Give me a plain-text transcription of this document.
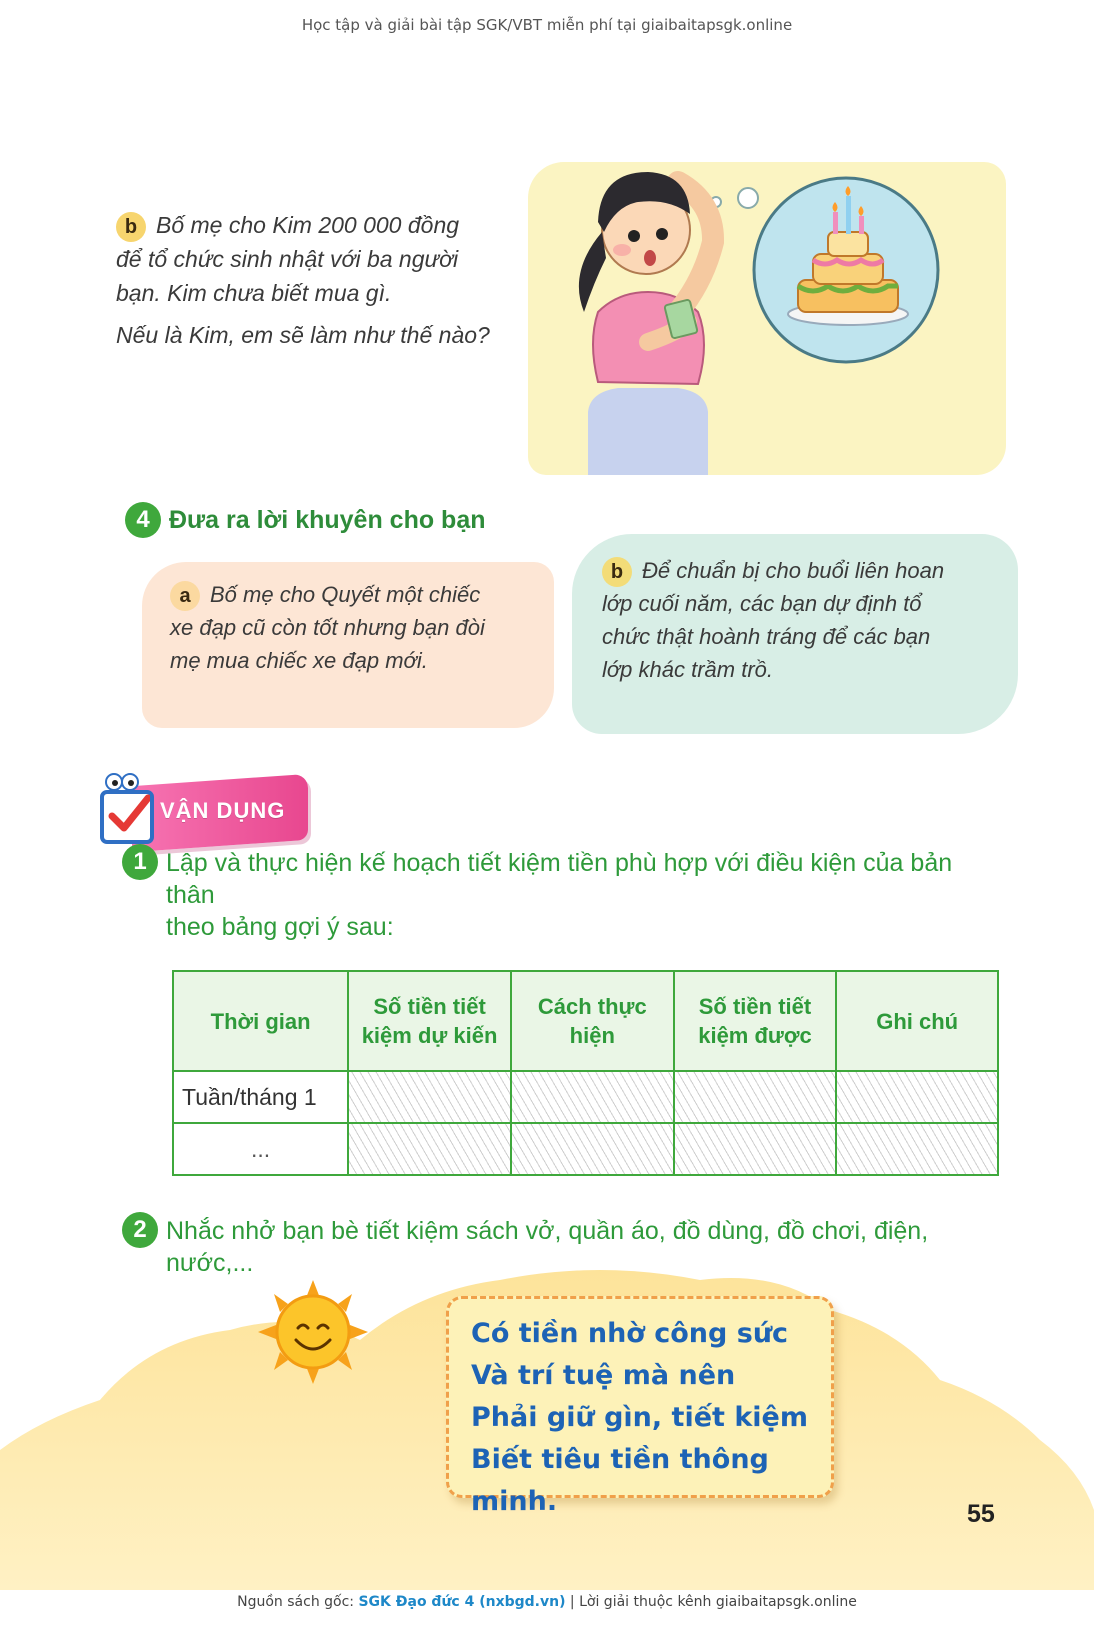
Học tập và giải bài tập SGK/VBT miễn phí tại giaibaitapsgk.online
b Bố mẹ cho Kim 200 000 đồng
để tổ chức sinh nhật với ba người
bạn. Kim chưa biết mua gì.
Nếu là Kim, em sẽ làm như thế nào?
4 Đưa ra lời khuyên cho bạn
a Bố mẹ cho Quyết một chiếc
xe đạp cũ còn tốt nhưng bạn đòi
mẹ mua chiếc xe đạp mới.
b Để chuẩn bị cho buổi liên hoan
lớp cuối năm, các bạn dự định tổ
chức thật hoành tráng để các bạn
lớp khác trầm trồ.
VẬN DỤNG
1 Lập và thực hiện kế hoạch tiết kiệm tiền phù hợp với điều kiện của bản thân
theo bảng gợi ý sau:
Thời gian	Số tiền tiết kiệm dự kiến	Cách thực hiện	Số tiền tiết kiệm được	Ghi chú
Tuần/tháng 1				
...				
2 Nhắc nhở bạn bè tiết kiệm sách vở, quần áo, đồ dùng, đồ chơi, điện, nước,...
Có tiền nhờ công sức
Và trí tuệ mà nên
Phải giữ gìn, tiết kiệm
Biết tiêu tiền thông minh.	55
Nguồn sách gốc: SGK Đạo đức 4 (nxbgd.vn) | Lời giải thuộc kênh giaibaitapsgk.online
